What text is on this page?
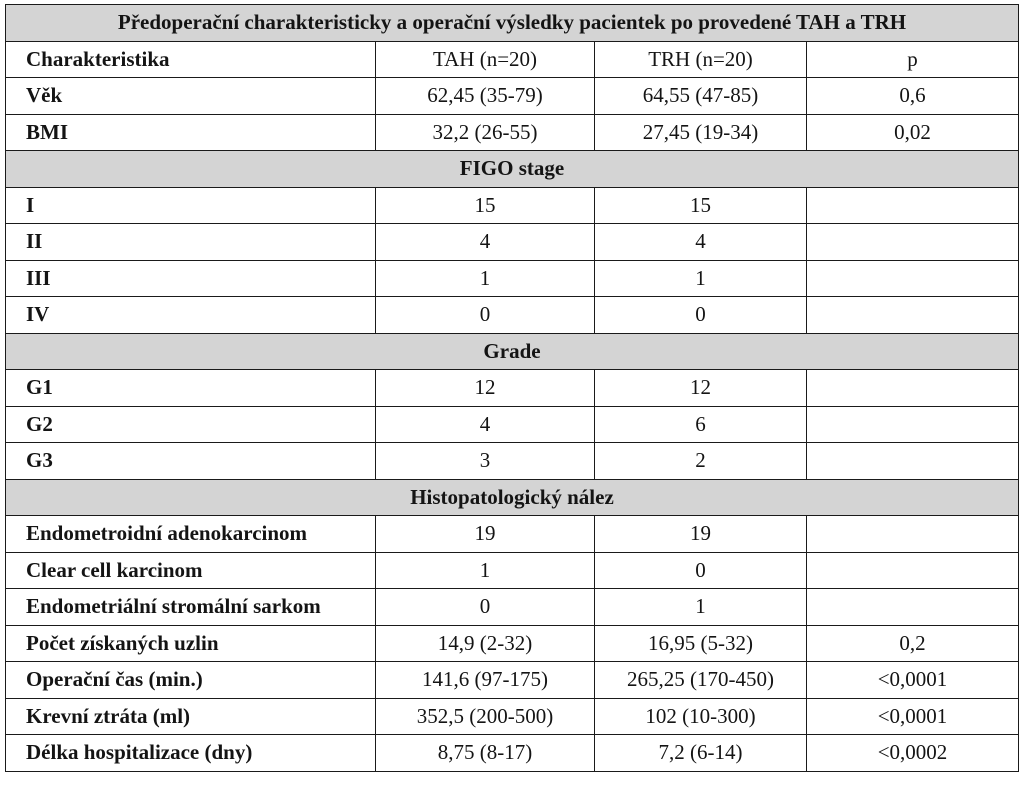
Předoperační charakteristicky a operační výsledky pacientek po provedené TAH a TRH			
Charakteristika	TAH (n=20)	TRH (n=20)	p
Věk	62,45 (35-79)	64,55 (47-85)	0,6
BMI	32,2 (26-55)	27,45 (19-34)	0,02
FIGO stage			
I	15	15	
II	4	4	
III	1	1	
IV	0	0	
Grade			
G1	12	12	
G2	4	6	
G3	3	2	
Histopatologický nález			
Endometroidní adenokarcinom	19	19	
Clear cell karcinom	1	0	
Endometriální stromální sarkom	0	1	
Počet získaných uzlin	14,9 (2-32)	16,95 (5-32)	0,2
Operační čas (min.)	141,6 (97-175)	265,25 (170-450)	<0,0001
Krevní ztráta (ml)	352,5 (200-500)	102 (10-300)	<0,0001
Délka hospitalizace (dny)	8,75 (8-17)	7,2 (6-14)	<0,0002
